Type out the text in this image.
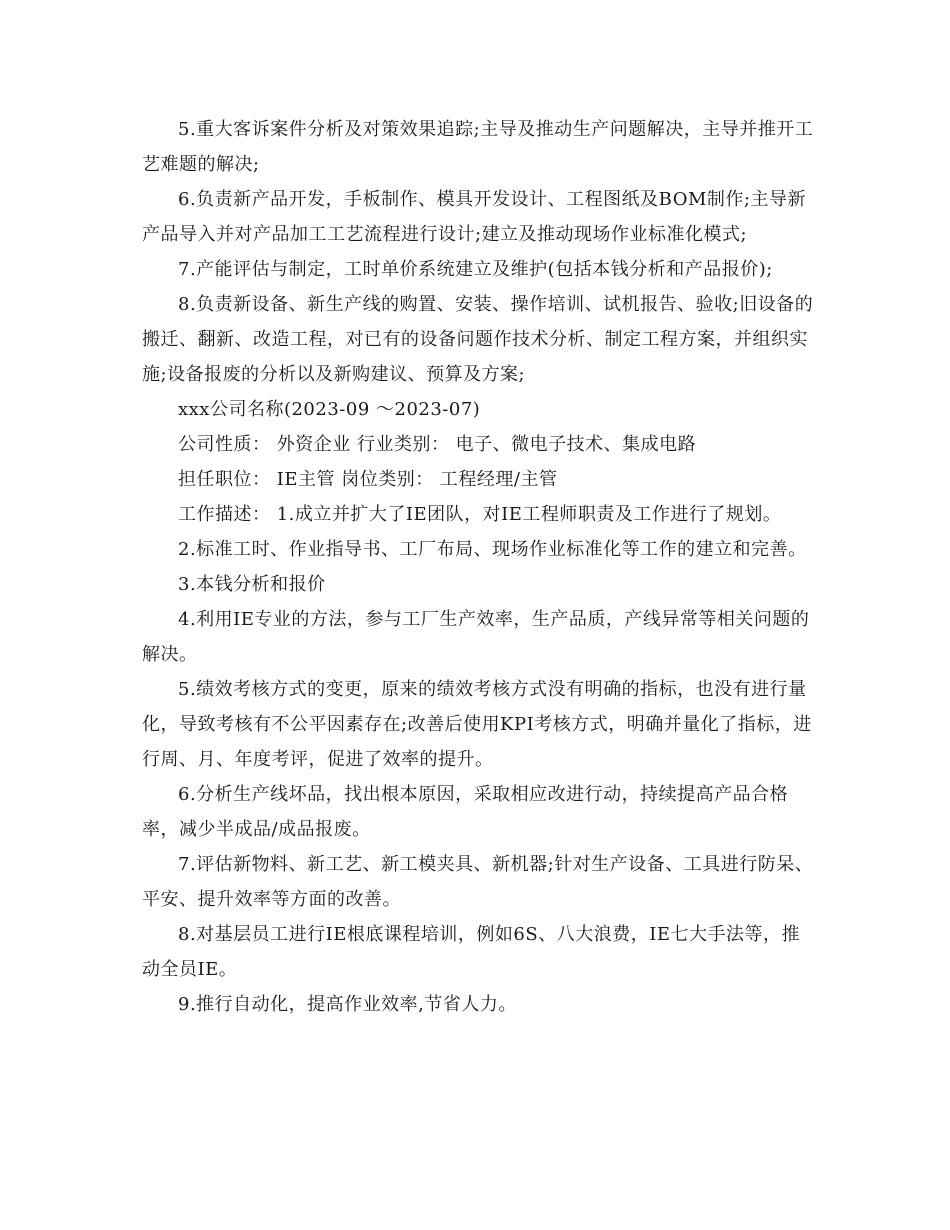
5.重大客诉案件分析及对策效果追踪;主导及推动生产问题解决，主导并推开工艺难题的解决;

6.负责新产品开发，手板制作、模具开发设计、工程图纸及BOM制作;主导新产品导入并对产品加工工艺流程进行设计;建立及推动现场作业标准化模式;

7.产能评估与制定，工时单价系统建立及维护(包括本钱分析和产品报价);

8.负责新设备、新生产线的购置、安装、操作培训、试机报告、验收;旧设备的搬迁、翻新、改造工程，对已有的设备问题作技术分析、制定工程方案，并组织实施;设备报废的分析以及新购建议、预算及方案;

xxx公司名称(2023-09 ～2023-07)

公司性质： 外资企业 行业类别： 电子、微电子技术、集成电路

担任职位： IE主管 岗位类别： 工程经理/主管

工作描述： 1.成立并扩大了IE团队，对IE工程师职责及工作进行了规划。

2.标准工时、作业指导书、工厂布局、现场作业标准化等工作的建立和完善。

3.本钱分析和报价

4.利用IE专业的方法，参与工厂生产效率，生产品质，产线异常等相关问题的解决。

5.绩效考核方式的变更，原来的绩效考核方式没有明确的指标，也没有进行量化，导致考核有不公平因素存在;改善后使用KPI考核方式，明确并量化了指标，进行周、月、年度考评，促进了效率的提升。

6.分析生产线坏品，找出根本原因，采取相应改进行动，持续提高产品合格率，减少半成品/成品报废。

7.评估新物料、新工艺、新工模夹具、新机器;针对生产设备、工具进行防呆、平安、提升效率等方面的改善。

8.对基层员工进行IE根底课程培训，例如6S、八大浪费，IE七大手法等，推动全员IE。

9.推行自动化，提高作业效率,节省人力。
